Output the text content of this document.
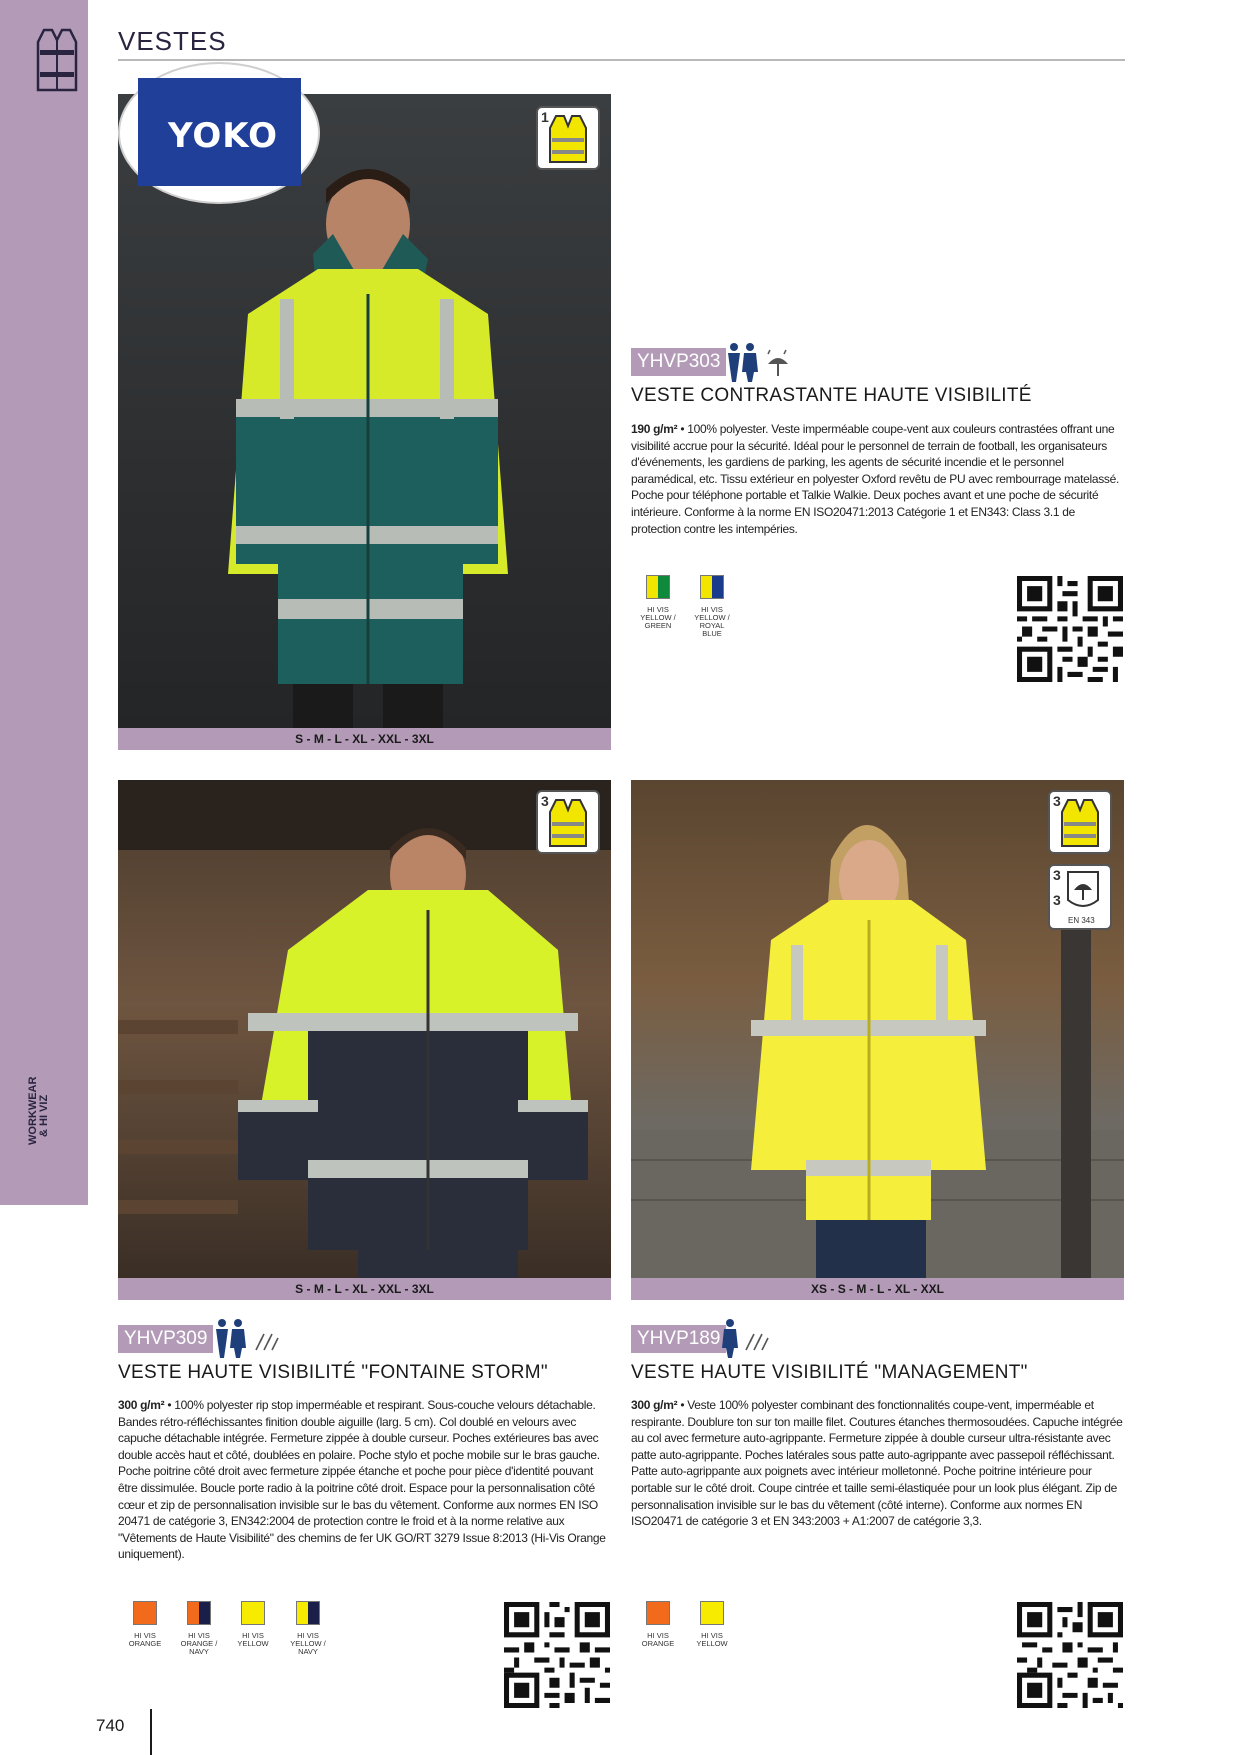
WORKWEAR & HI VIZ
VESTES
S - M - L - XL - XXL - 3XL
YOKO	1
YHVP303
VESTE CONTRASTANTE HAUTE VISIBILITÉ
190 g/m² • 100% polyester. Veste imperméable coupe-vent aux couleurs contrastées offrant une visibilité accrue pour la sécurité. Idéal pour le personnel de terrain de football, les organisateurs d'événements, les gardiens de parking, les agents de sécurité incendie et le personnel paramédical, etc. Tissu extérieur en polyester Oxford revêtu de PU avec rembourrage matelassé. Poche pour téléphone portable et Talkie Walkie. Deux poches avant et une poche de sécurité intérieure. Conforme à la norme EN ISO20471:2013 Catégorie 1 et EN343: Class 3.1 de protection contre les intempéries.
HI VIS YELLOW / GREEN
HI VIS YELLOW / ROYAL BLUE
S - M - L - XL - XXL - 3XL
3
YHVP309
VESTE HAUTE VISIBILITÉ "FONTAINE STORM"
300 g/m² • 100% polyester rip stop imperméable et respirant. Sous-couche velours détachable. Bandes rétro-réfléchissantes finition double aiguille (larg. 5 cm). Col doublé en velours avec capuche détachable intégrée. Fermeture zippée à double curseur. Poches extérieures bas avec double accès haut et côté, doublées en polaire. Poche stylo et poche mobile sur le bras gauche. Poche poitrine côté droit avec fermeture zippée étanche et poche pour pièce d'identité pouvant être dissimulée. Boucle porte radio à la poitrine côté droit. Espace pour la personnalisation côté cœur et zip de personnalisation invisible sur le bas du vêtement. Conforme aux normes EN ISO 20471 de catégorie 3, EN342:2004 de protection contre le froid et à la norme relative aux "Vêtements de Haute Visibilité" des chemins de fer UK GO/RT 3279 Issue 8:2013 (Hi-Vis Orange uniquement).
HI VIS ORANGE
HI VIS ORANGE / NAVY
HI VIS YELLOW
HI VIS YELLOW / NAVY
XS - S - M - L - XL - XXL
3
3
3
EN 343
YHVP189
VESTE HAUTE VISIBILITÉ "MANAGEMENT"
300 g/m² • Veste 100% polyester combinant des fonctionnalités coupe-vent, imperméable et respirante. Doublure ton sur ton maille filet. Coutures étanches thermosoudées. Capuche intégrée au col avec fermeture auto-agrippante. Fermeture zippée à double curseur ultra-résistante avec patte auto-agrippante. Poches latérales sous patte auto-agrippante avec passepoil réfléchissant. Patte auto-agrippante aux poignets avec intérieur molletonné. Poche poitrine intérieure pour portable sur le côté droit. Coupe cintrée et taille semi-élastiquée pour un look plus élégant. Zip de personnalisation invisible sur le bas du vêtement (côté interne). Conforme aux normes EN ISO20471 de catégorie 3 et EN 343:2003 + A1:2007 de catégorie 3,3.
HI VIS ORANGE
HI VIS YELLOW
740
